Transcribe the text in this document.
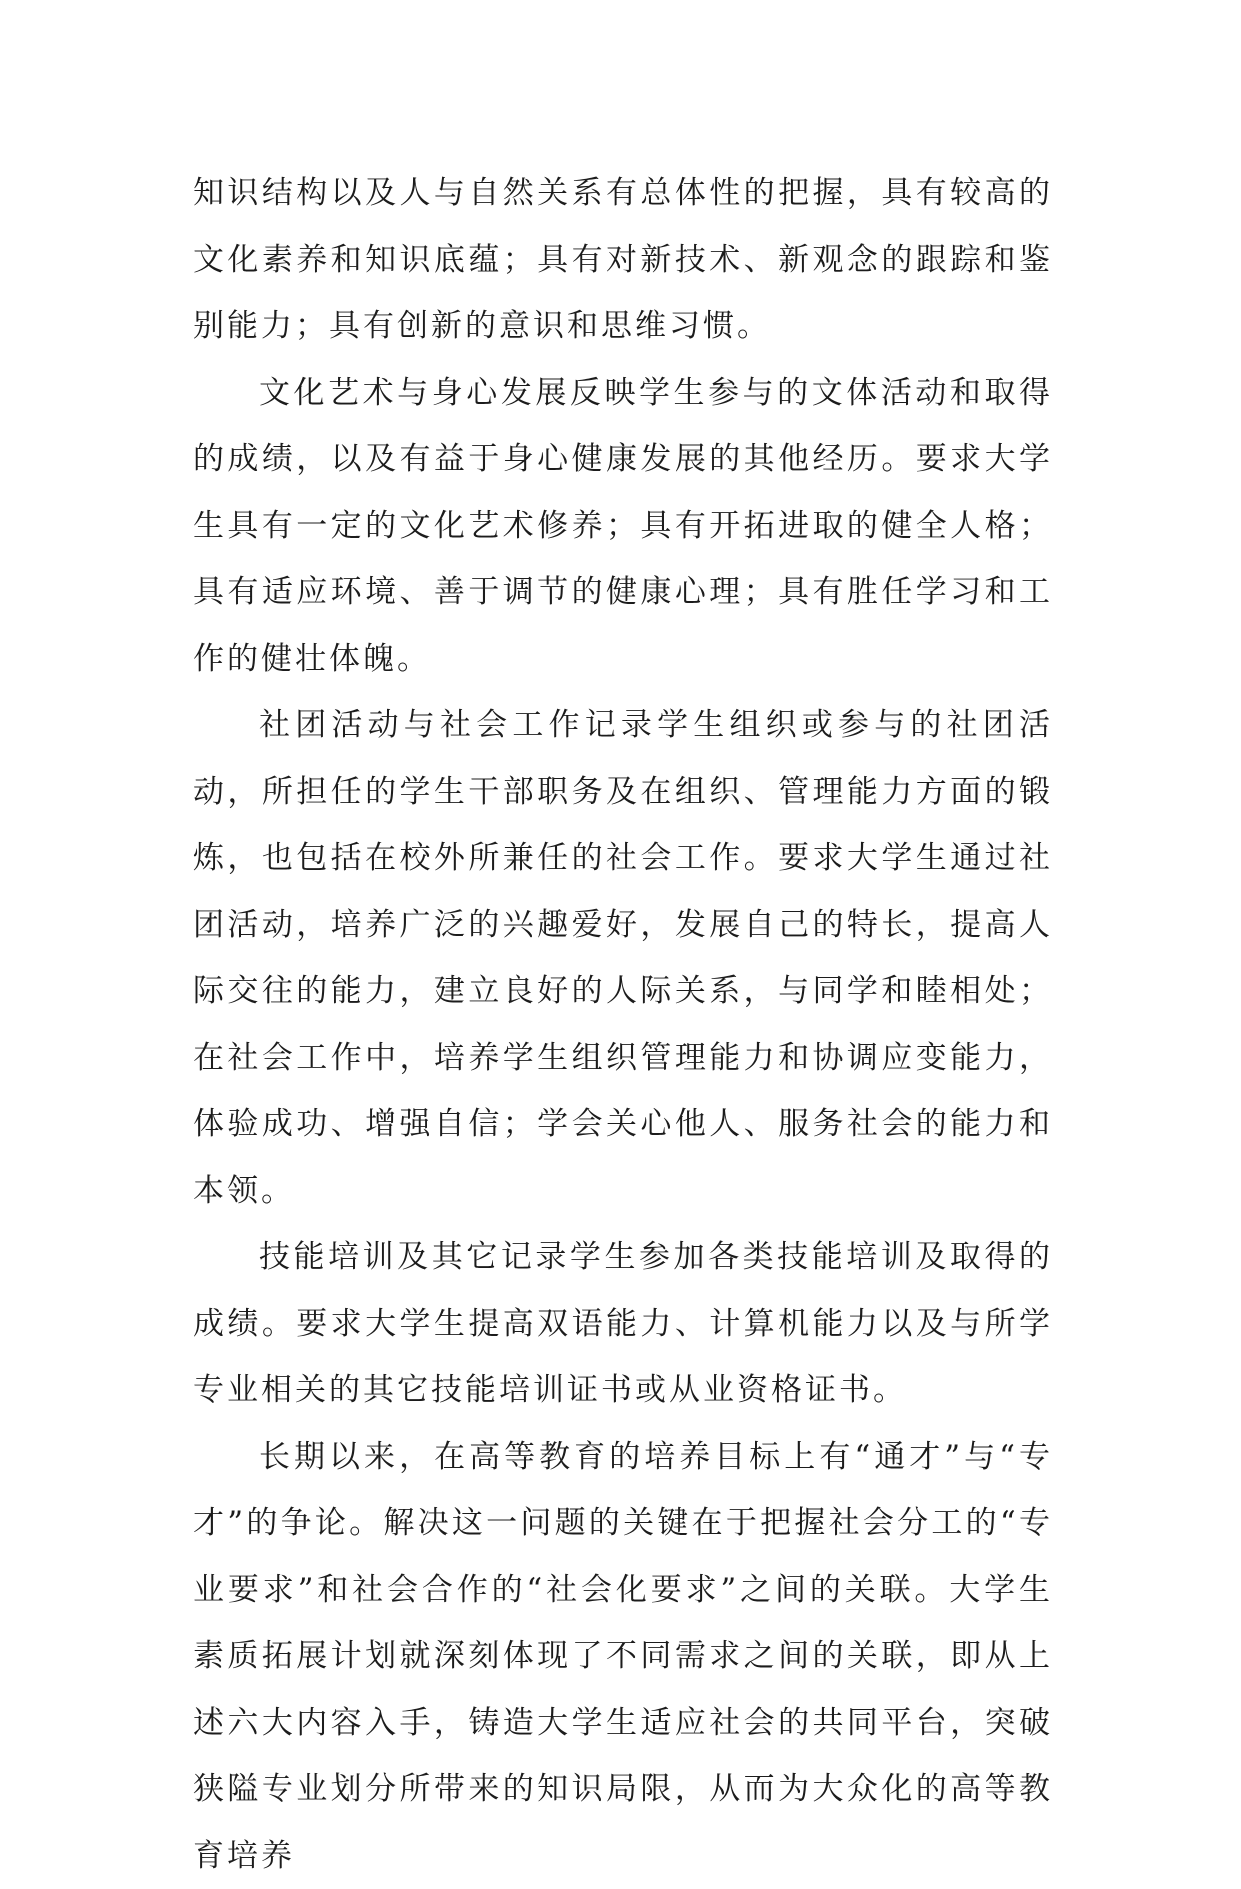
知识结构以及人与自然关系有总体性的把握，具有较高的文化素养和知识底蕴；具有对新技术、新观念的跟踪和鉴别能力；具有创新的意识和思维习惯。

文化艺术与身心发展反映学生参与的文体活动和取得的成绩，以及有益于身心健康发展的其他经历。要求大学生具有一定的文化艺术修养；具有开拓进取的健全人格；具有适应环境、善于调节的健康心理；具有胜任学习和工作的健壮体魄。

社团活动与社会工作记录学生组织或参与的社团活动，所担任的学生干部职务及在组织、管理能力方面的锻炼，也包括在校外所兼任的社会工作。要求大学生通过社团活动，培养广泛的兴趣爱好，发展自己的特长，提高人际交往的能力，建立良好的人际关系，与同学和睦相处；在社会工作中，培养学生组织管理能力和协调应变能力，体验成功、增强自信；学会关心他人、服务社会的能力和本领。

技能培训及其它记录学生参加各类技能培训及取得的成绩。要求大学生提高双语能力、计算机能力以及与所学专业相关的其它技能培训证书或从业资格证书。

长期以来，在高等教育的培养目标上有“通才”与“专才”的争论。解决这一问题的关键在于把握社会分工的“专业要求”和社会合作的“社会化要求”之间的关联。大学生素质拓展计划就深刻体现了不同需求之间的关联，即从上述六大内容入手，铸造大学生适应社会的共同平台，突破狭隘专业划分所带来的知识局限，从而为大众化的高等教育培养
